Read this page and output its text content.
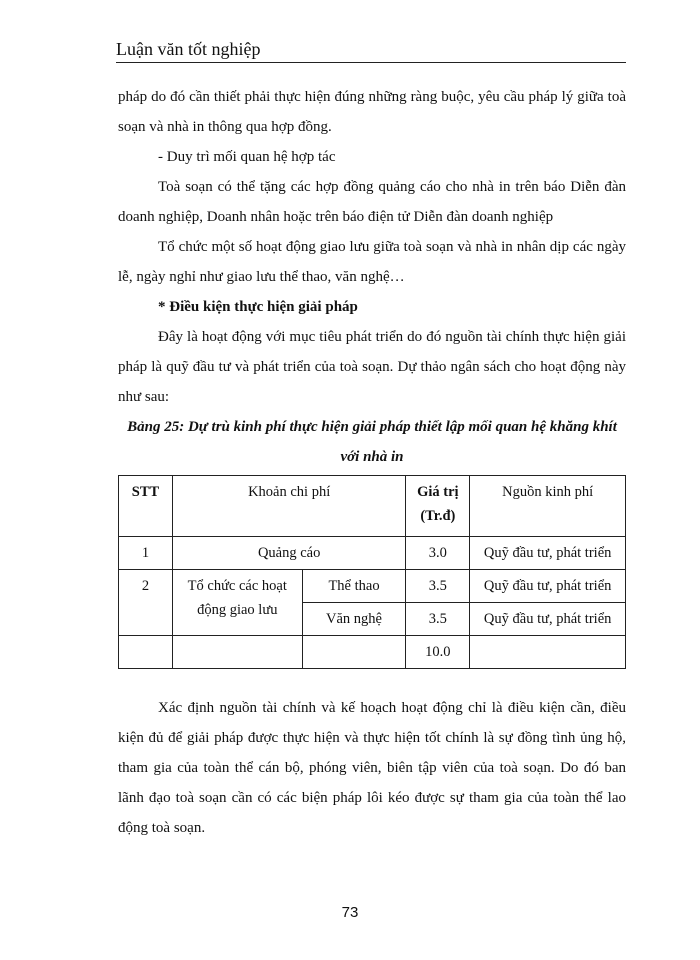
Luận văn tốt nghiệp

pháp do đó cần thiết phải thực hiện đúng những ràng buộc, yêu cầu pháp lý giữa toà soạn và nhà in thông qua hợp đồng.

- Duy trì mối quan hệ hợp tác

Toà soạn có thể tặng các hợp đồng quảng cáo cho nhà in trên báo Diễn đàn doanh nghiệp, Doanh nhân hoặc trên báo điện tử Diễn đàn doanh nghiệp

Tổ chức một số hoạt động giao lưu giữa toà soạn và nhà in nhân dịp các ngày lễ, ngày nghỉ như giao lưu thể thao, văn nghệ…

* Điều kiện thực hiện giải pháp

Đây là hoạt động với mục tiêu phát triển do đó nguồn tài chính thực hiện giải pháp là quỹ đầu tư và phát triển của toà soạn. Dự thảo ngân sách cho hoạt động này như sau:

Bảng 25: Dự trù kinh phí thực hiện giải pháp thiết lập mối quan hệ khăng khít với nhà in

STT	Khoản chi phí		Giá trị (Tr.đ)	Nguồn kinh phí
1	Quảng cáo		3.0	Quỹ đầu tư, phát triển
2	Tổ chức các hoạt động giao lưu	Thể thao	3.5	Quỹ đầu tư, phát triển
		Văn nghệ	3.5	Quỹ đầu tư, phát triển
			10.0	

Xác định nguồn tài chính và kế hoạch hoạt động chỉ là điều kiện cần, điều kiện đủ để giải pháp được thực hiện và thực hiện tốt chính là sự đồng tình ủng hộ, tham gia của toàn thể cán bộ, phóng viên, biên tập viên của toà soạn. Do đó ban lãnh đạo toà soạn cần có các biện pháp lôi kéo được sự tham gia của toàn thể lao động toà soạn.

73
